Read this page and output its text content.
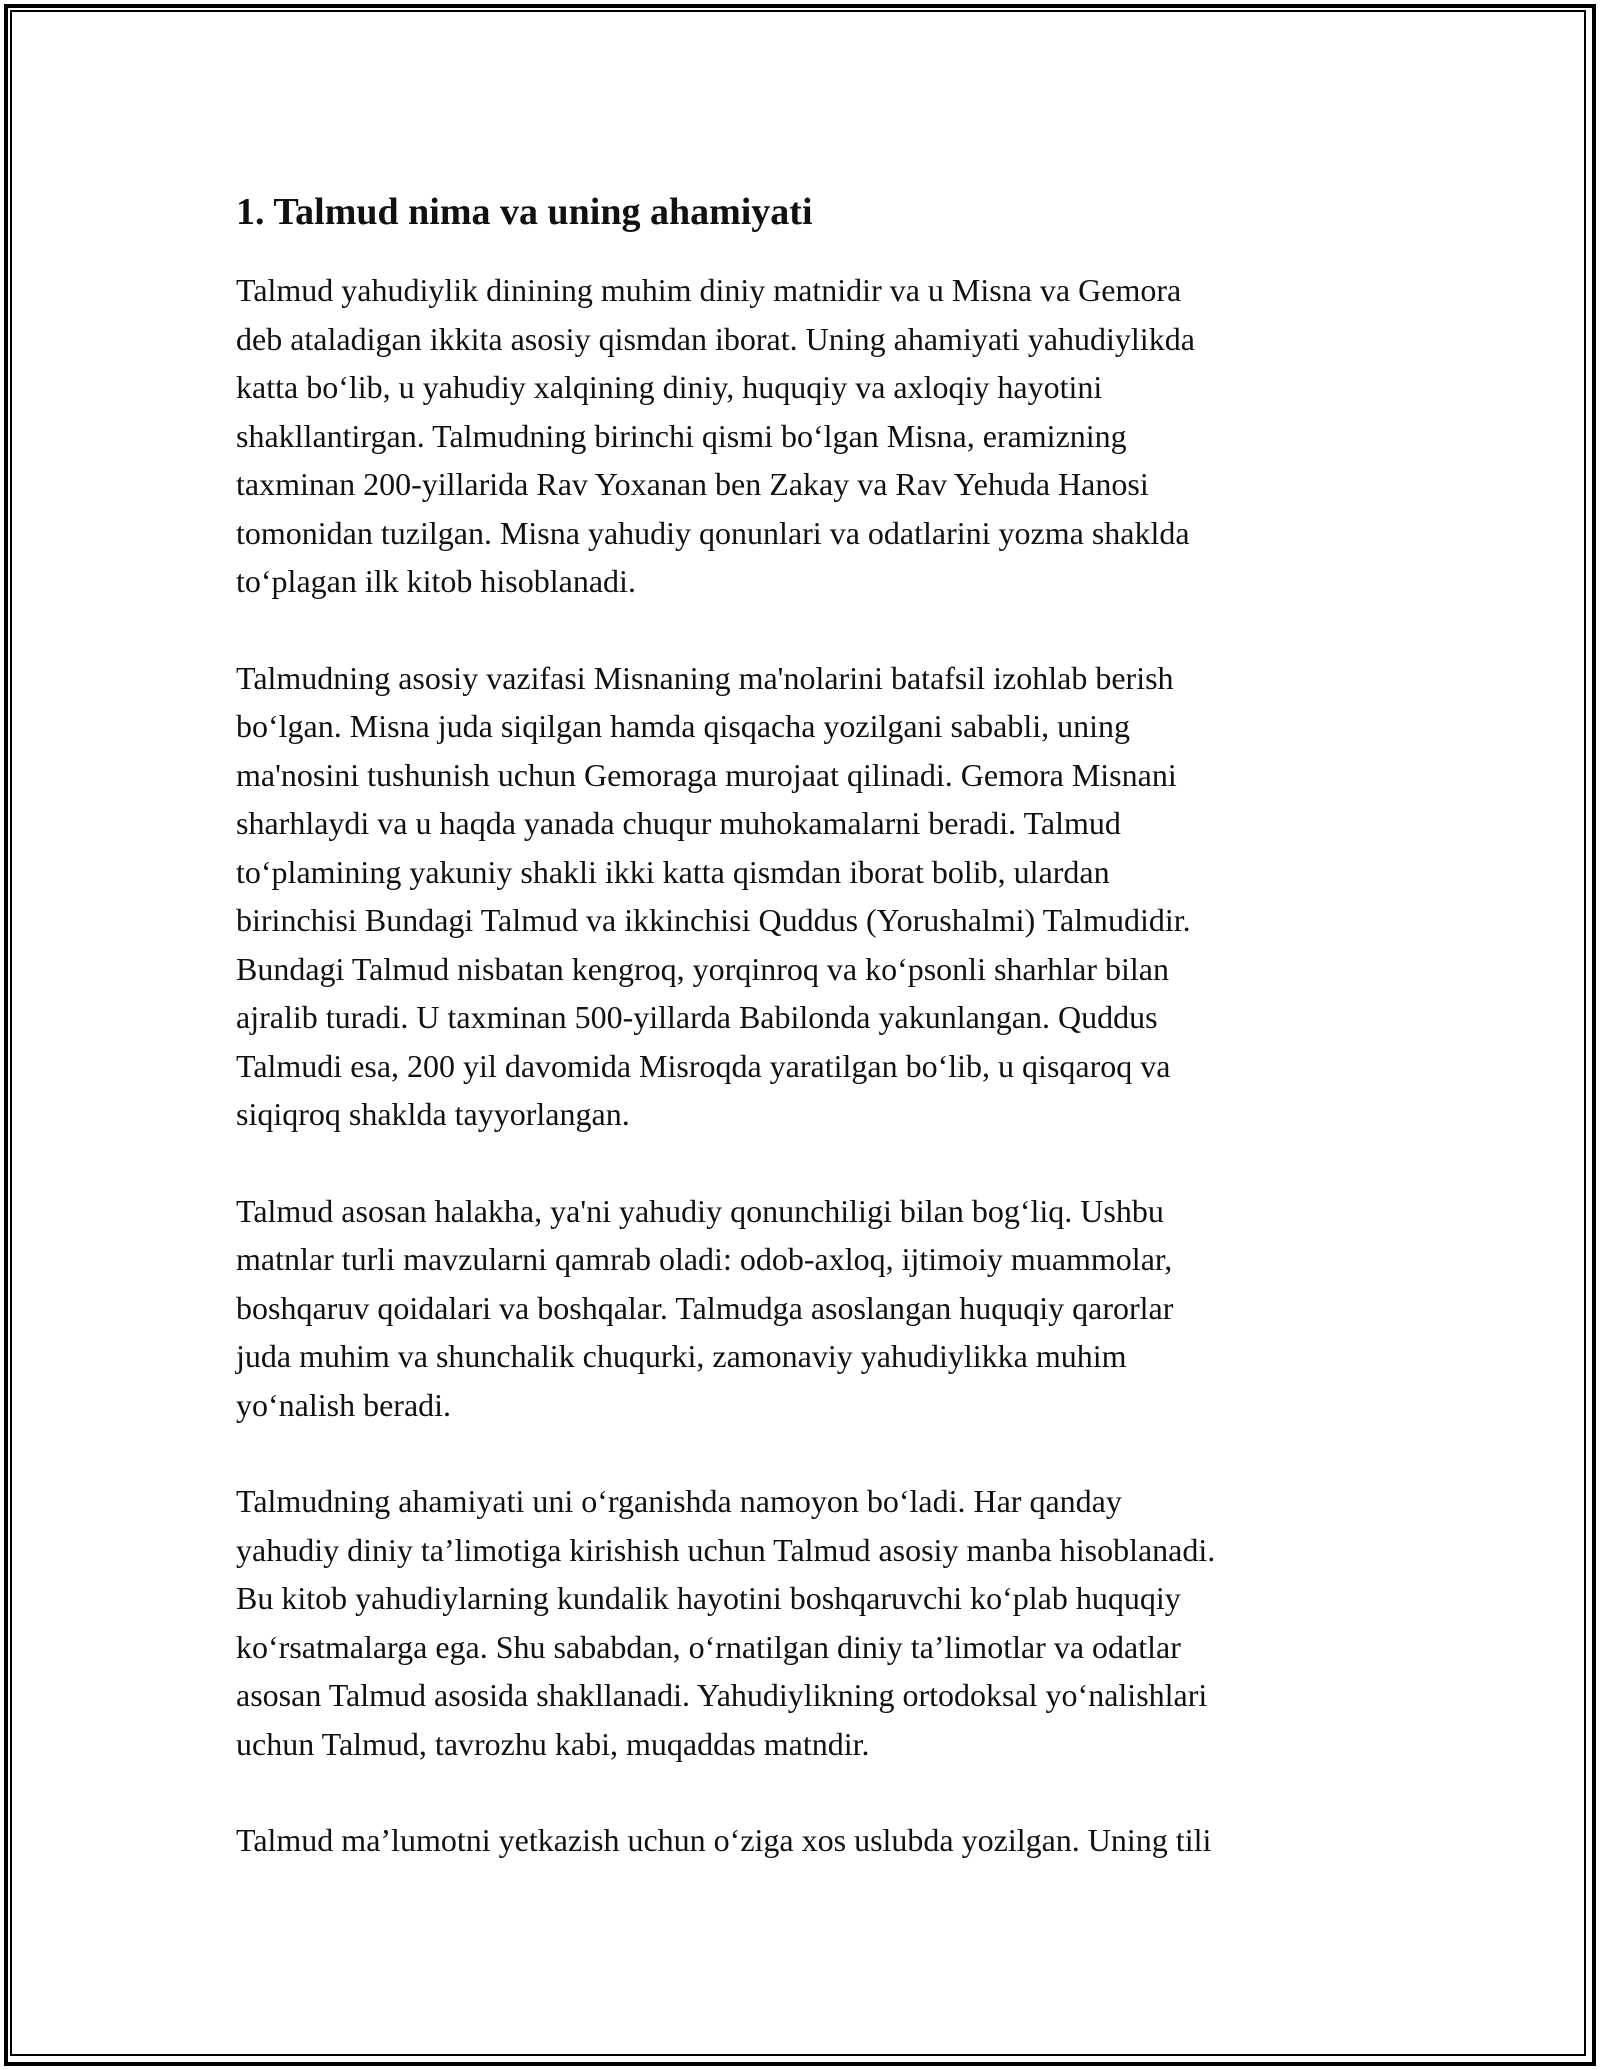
1. Talmud nima va uning ahamiyati

Talmud yahudiylik dinining muhim diniy matnidir va u Misna va Gemora
deb ataladigan ikkita asosiy qismdan iborat. Uning ahamiyati yahudiylikda
katta bo‘lib, u yahudiy xalqining diniy, huquqiy va axloqiy hayotini
shakllantirgan. Talmudning birinchi qismi bo‘lgan Misna, eramizning
taxminan 200-yillarida Rav Yoxanan ben Zakay va Rav Yehuda Hanosi
tomonidan tuzilgan. Misna yahudiy qonunlari va odatlarini yozma shaklda
to‘plagan ilk kitob hisoblanadi.

Talmudning asosiy vazifasi Misnaning ma'nolarini batafsil izohlab berish
bo‘lgan. Misna juda siqilgan hamda qisqacha yozilgani sababli, uning
ma'nosini tushunish uchun Gemoraga murojaat qilinadi. Gemora Misnani
sharhlaydi va u haqda yanada chuqur muhokamalarni beradi. Talmud
to‘plamining yakuniy shakli ikki katta qismdan iborat bolib, ulardan
birinchisi Bundagi Talmud va ikkinchisi Quddus (Yorushalmi) Talmudidir.
Bundagi Talmud nisbatan kengroq, yorqinroq va ko‘psonli sharhlar bilan
ajralib turadi. U taxminan 500-yillarda Babilonda yakunlangan. Quddus
Talmudi esa, 200 yil davomida Misroqda yaratilgan bo‘lib, u qisqaroq va
siqiqroq shaklda tayyorlangan.

Talmud asosan halakha, ya'ni yahudiy qonunchiligi bilan bog‘liq. Ushbu
matnlar turli mavzularni qamrab oladi: odob-axloq, ijtimoiy muammolar,
boshqaruv qoidalari va boshqalar. Talmudga asoslangan huquqiy qarorlar
juda muhim va shunchalik chuqurki, zamonaviy yahudiylikka muhim
yo‘nalish beradi.

Talmudning ahamiyati uni o‘rganishda namoyon bo‘ladi. Har qanday
yahudiy diniy ta’limotiga kirishish uchun Talmud asosiy manba hisoblanadi.
Bu kitob yahudiylarning kundalik hayotini boshqaruvchi ko‘plab huquqiy
ko‘rsatmalarga ega. Shu sababdan, o‘rnatilgan diniy ta’limotlar va odatlar
asosan Talmud asosida shakllanadi. Yahudiylikning ortodoksal yo‘nalishlari
uchun Talmud, tavrozhu kabi, muqaddas matndir.

Talmud ma’lumotni yetkazish uchun o‘ziga xos uslubda yozilgan. Uning tili
